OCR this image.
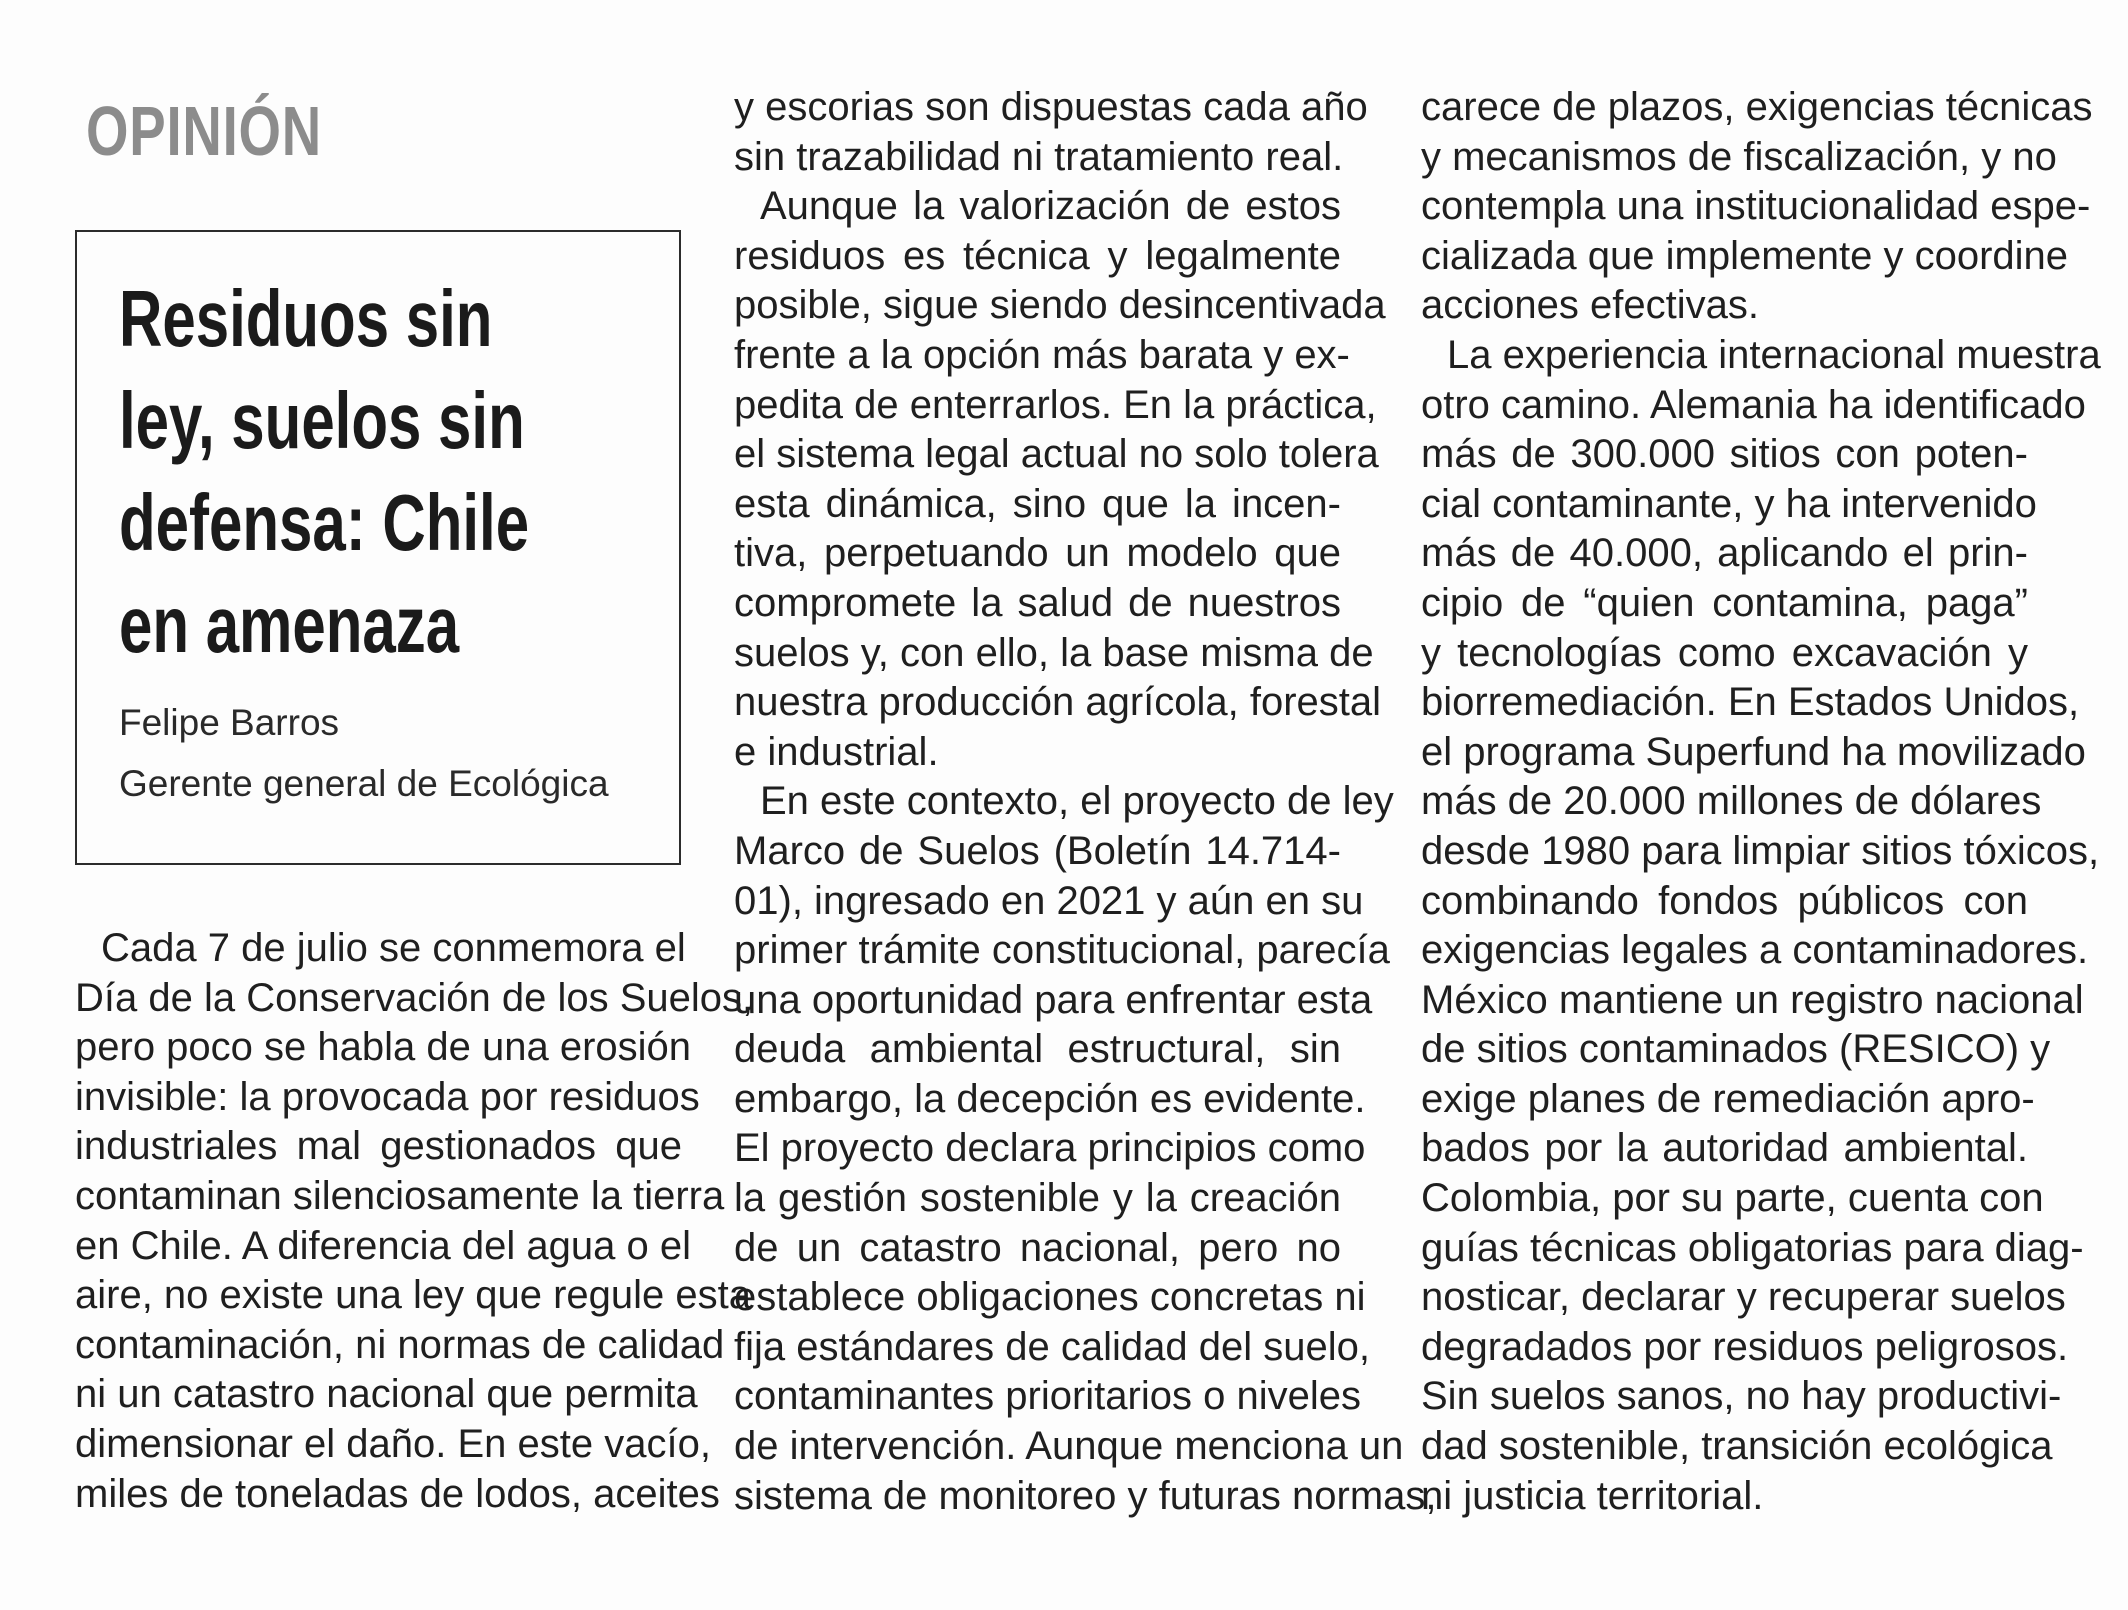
OPINIÓN
Residuos sin
ley, suelos sin
defensa: Chile
en amenaza
Felipe Barros
Gerente general de Ecológica

Cada 7 de julio se conmemora el
Día de la Conservación de los Suelos,
pero poco se habla de una erosión
invisible: la provocada por residuos
industriales mal gestionados que
contaminan silenciosamente la tierra
en Chile. A diferencia del agua o el
aire, no existe una ley que regule esta
contaminación, ni normas de calidad
ni un catastro nacional que permita
dimensionar el daño. En este vacío,
miles de toneladas de lodos, aceites

y escorias son dispuestas cada año
sin trazabilidad ni tratamiento real.

Aunque la valorización de estos
residuos es técnica y legalmente
posible, sigue siendo desincentivada
frente a la opción más barata y ex-
pedita de enterrarlos. En la práctica,
el sistema legal actual no solo tolera
esta dinámica, sino que la incen-
tiva, perpetuando un modelo que
compromete la salud de nuestros
suelos y, con ello, la base misma de
nuestra producción agrícola, forestal
e industrial.

En este contexto, el proyecto de ley
Marco de Suelos (Boletín 14.714-
01), ingresado en 2021 y aún en su
primer trámite constitucional, parecía
una oportunidad para enfrentar esta
deuda ambiental estructural, sin
embargo, la decepción es evidente.
El proyecto declara principios como
la gestión sostenible y la creación
de un catastro nacional, pero no
establece obligaciones concretas ni
fija estándares de calidad del suelo,
contaminantes prioritarios o niveles
de intervención. Aunque menciona un
sistema de monitoreo y futuras normas,

carece de plazos, exigencias técnicas
y mecanismos de fiscalización, y no
contempla una institucionalidad espe-
cializada que implemente y coordine
acciones efectivas.

La experiencia internacional muestra
otro camino. Alemania ha identificado
más de 300.000 sitios con poten-
cial contaminante, y ha intervenido
más de 40.000, aplicando el prin-
cipio de “quien contamina, paga”
y tecnologías como excavación y
biorremediación. En Estados Unidos,
el programa Superfund ha movilizado
más de 20.000 millones de dólares
desde 1980 para limpiar sitios tóxicos,
combinando fondos públicos con
exigencias legales a contaminadores.
México mantiene un registro nacional
de sitios contaminados (RESICO) y
exige planes de remediación apro-
bados por la autoridad ambiental.
Colombia, por su parte, cuenta con
guías técnicas obligatorias para diag-
nosticar, declarar y recuperar suelos
degradados por residuos peligrosos.
Sin suelos sanos, no hay productivi-
dad sostenible, transición ecológica
ni justicia territorial.
